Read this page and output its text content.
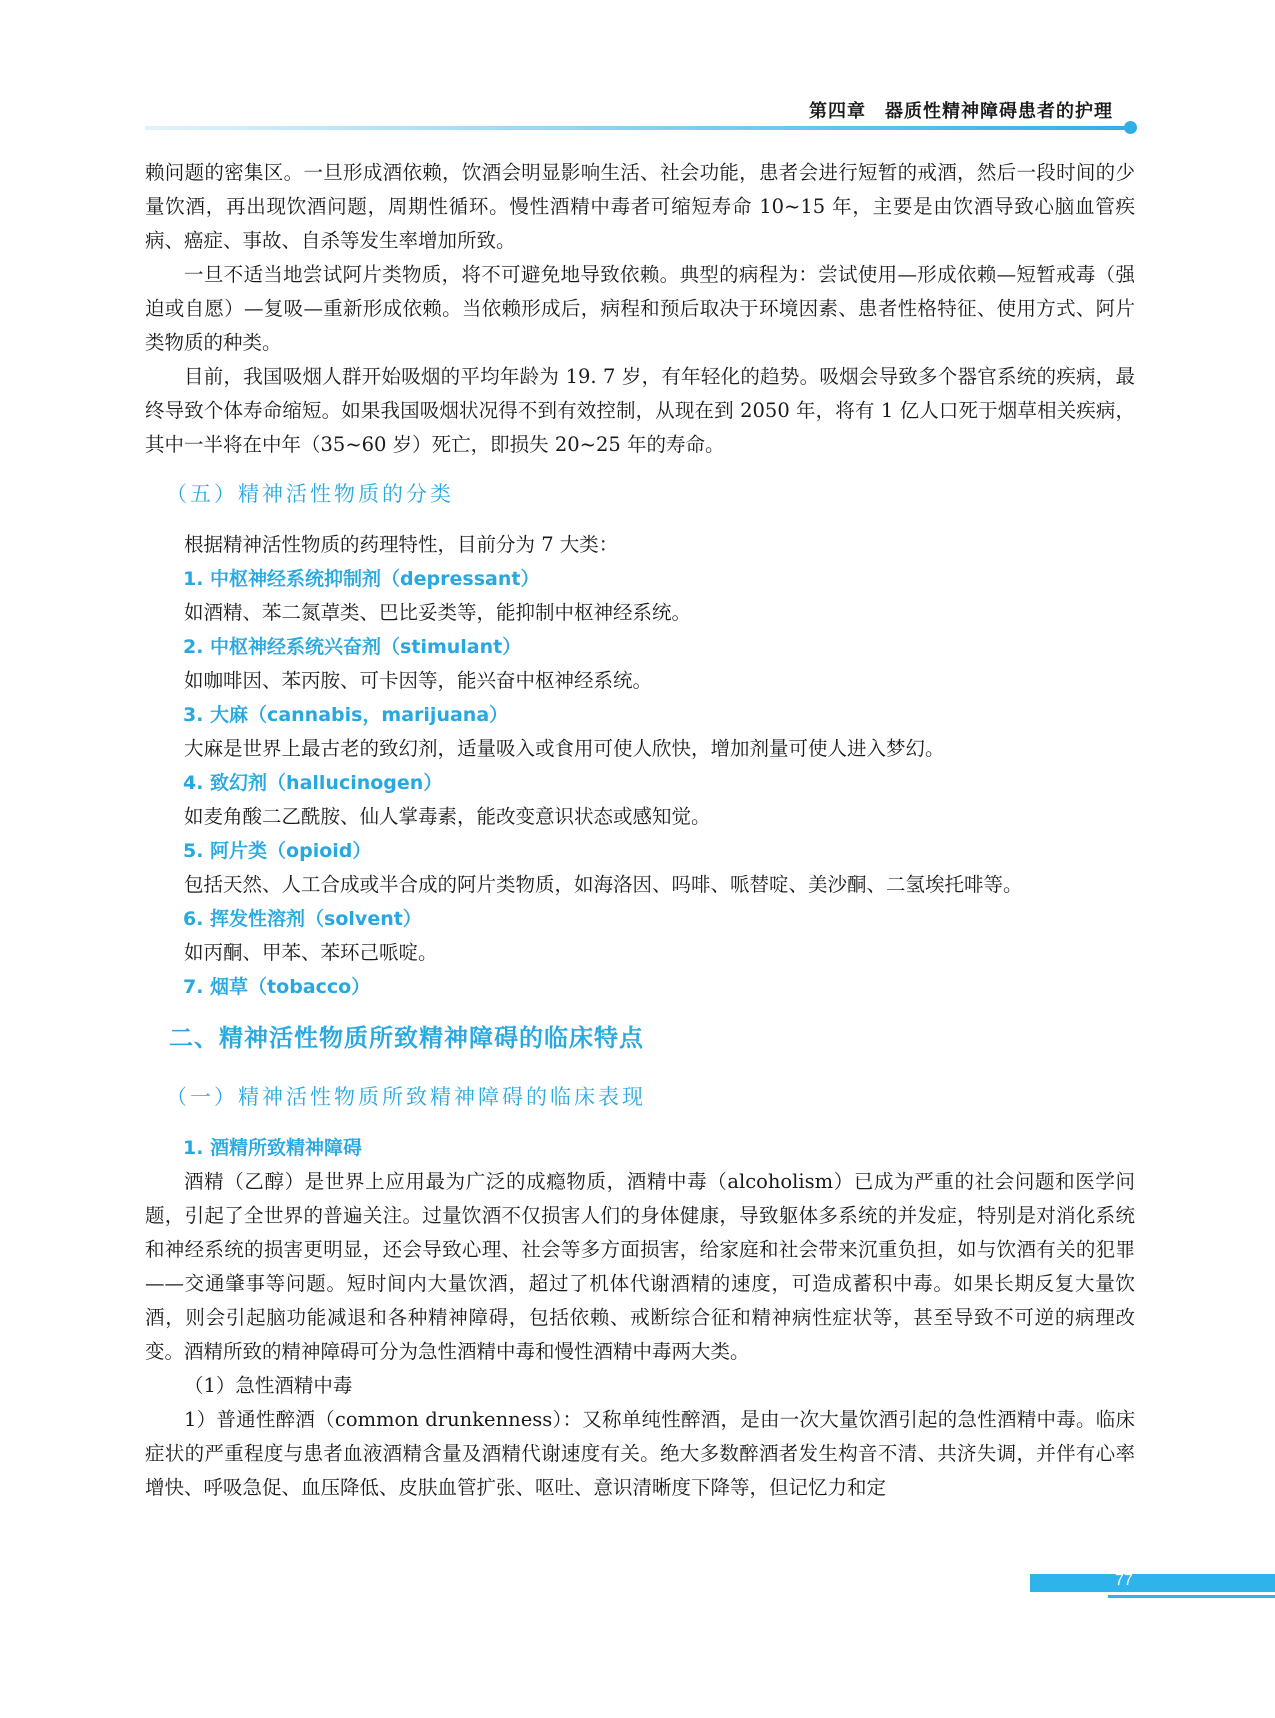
第四章　器质性精神障碍患者的护理

赖问题的密集区。一旦形成酒依赖，饮酒会明显影响生活、社会功能，患者会进行短暂的戒酒，然后一段时间的少量饮酒，再出现饮酒问题，周期性循环。慢性酒精中毒者可缩短寿命 10~15 年，主要是由饮酒导致心脑血管疾病、癌症、事故、自杀等发生率增加所致。

一旦不适当地尝试阿片类物质，将不可避免地导致依赖。典型的病程为：尝试使用—形成依赖—短暂戒毒（强迫或自愿）—复吸—重新形成依赖。当依赖形成后，病程和预后取决于环境因素、患者性格特征、使用方式、阿片类物质的种类。

目前，我国吸烟人群开始吸烟的平均年龄为 19. 7 岁，有年轻化的趋势。吸烟会导致多个器官系统的疾病，最终导致个体寿命缩短。如果我国吸烟状况得不到有效控制，从现在到 2050 年，将有 1 亿人口死于烟草相关疾病，其中一半将在中年（35~60 岁）死亡，即损失 20~25 年的寿命。

（五）精神活性物质的分类

根据精神活性物质的药理特性，目前分为 7 大类：

1. 中枢神经系统抑制剂（depressant）

如酒精、苯二氮䓬类、巴比妥类等，能抑制中枢神经系统。

2. 中枢神经系统兴奋剂（stimulant）

如咖啡因、苯丙胺、可卡因等，能兴奋中枢神经系统。

3. 大麻（cannabis，marijuana）

大麻是世界上最古老的致幻剂，适量吸入或食用可使人欣快，增加剂量可使人进入梦幻。

4. 致幻剂（hallucinogen）

如麦角酸二乙酰胺、仙人掌毒素，能改变意识状态或感知觉。

5. 阿片类（opioid）

包括天然、人工合成或半合成的阿片类物质，如海洛因、吗啡、哌替啶、美沙酮、二氢埃托啡等。

6. 挥发性溶剂（solvent）

如丙酮、甲苯、苯环己哌啶。

7. 烟草（tobacco）

二、精神活性物质所致精神障碍的临床特点

（一）精神活性物质所致精神障碍的临床表现

1. 酒精所致精神障碍

酒精（乙醇）是世界上应用最为广泛的成瘾物质，酒精中毒（alcoholism）已成为严重的社会问题和医学问题，引起了全世界的普遍关注。过量饮酒不仅损害人们的身体健康，导致躯体多系统的并发症，特别是对消化系统和神经系统的损害更明显，还会导致心理、社会等多方面损害，给家庭和社会带来沉重负担，如与饮酒有关的犯罪——交通肇事等问题。短时间内大量饮酒，超过了机体代谢酒精的速度，可造成蓄积中毒。如果长期反复大量饮酒，则会引起脑功能减退和各种精神障碍，包括依赖、戒断综合征和精神病性症状等，甚至导致不可逆的病理改变。酒精所致的精神障碍可分为急性酒精中毒和慢性酒精中毒两大类。

（1）急性酒精中毒

1）普通性醉酒（common drunkenness）：又称单纯性醉酒，是由一次大量饮酒引起的急性酒精中毒。临床症状的严重程度与患者血液酒精含量及酒精代谢速度有关。绝大多数醉酒者发生构音不清、共济失调，并伴有心率增快、呼吸急促、血压降低、皮肤血管扩张、呕吐、意识清晰度下降等，但记忆力和定

77
